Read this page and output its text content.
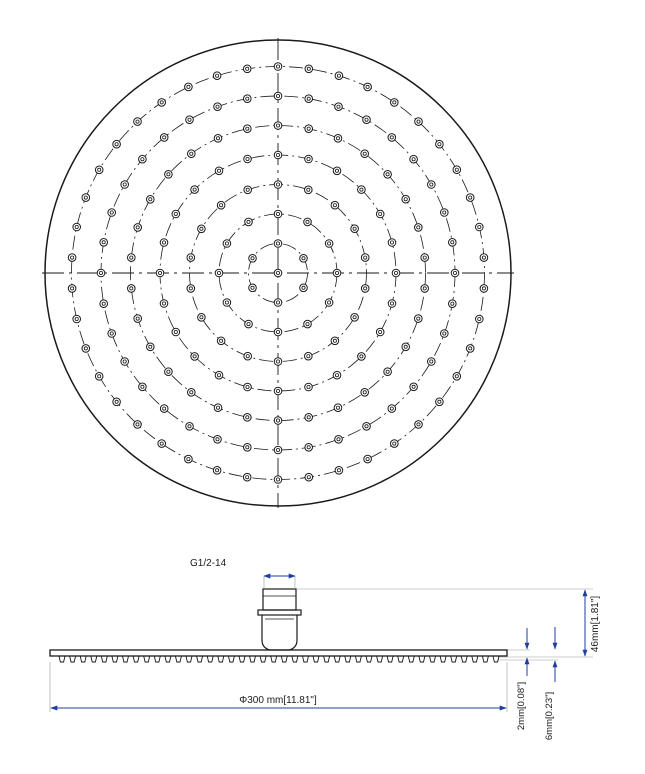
G1/2-14
Φ300 mm[11.81"]
46mm[1.81"]
2mm[0.08"] 6mm[0.23"]
